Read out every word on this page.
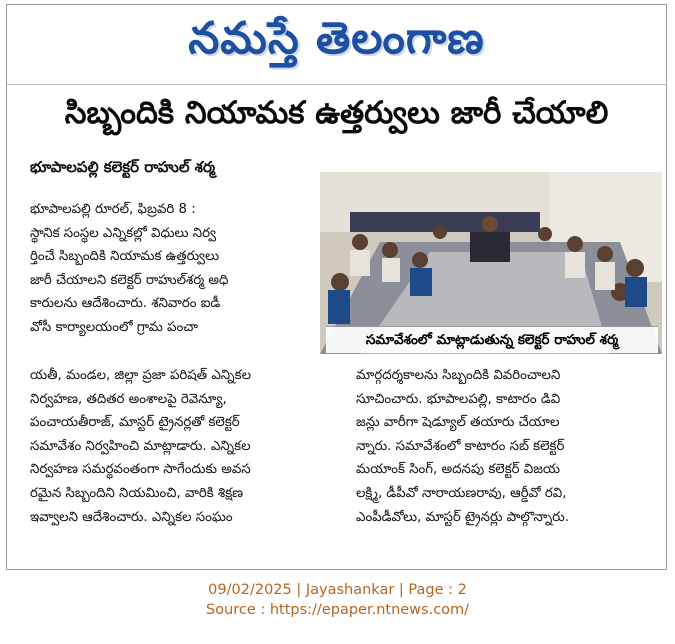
నమస్తే తెలంగాణ
సిబ్బందికి నియామక ఉత్తర్వులు జారీ చేయాలి
భూపాలపల్లి కలెక్టర్ రాహుల్ శర్మ
సమావేశంలో మాట్లాడుతున్న కలెక్టర్ రాహుల్ శర్మ
భూపాలపల్లి రూరల్, ఫిబ్రవరి 8 :
స్థానిక సంస్థల ఎన్నికల్లో విధులు నిర్వ
ర్తించే సిబ్బందికి నియామక ఉత్తర్వులు
జారీ చేయాలని కలెక్టర్ రాహుల్‌శర్మ అధి
కారులను ఆదేశించారు. శనివారం ఐడీ
వోసీ కార్యాలయంలో గ్రామ పంచా
యతీ, మండల, జిల్లా ప్రజా పరిషత్ ఎన్నికల
నిర్వహణ, తదితర అంశాలపై రెవెన్యూ,
పంచాయతీరాజ్, మాస్టర్ ట్రైనర్లతో కలెక్టర్
సమావేశం నిర్వహించి మాట్లాడారు. ఎన్నికల
నిర్వహణ సమర్థవంతంగా సాగేందుకు అవస
రమైన సిబ్బందిని నియమించి, వారికి శిక్షణ
ఇవ్వాలని ఆదేశించారు. ఎన్నికల సంఘం
మార్గదర్శకాలను సిబ్బందికి వివరించాలని
సూచించారు. భూపాలపల్లి, కాటారం డివి
జన్లు వారీగా షెడ్యూల్ తయారు చేయాల
న్నారు. సమావేశంలో కాటారం సబ్ కలెక్టర్
మయాంక్ సింగ్, అదనపు కలెక్టర్ విజయ
లక్ష్మి, డీపీవో నారాయణరావు, ఆర్డీవో రవి,
ఎంపీడీవోలు, మాస్టర్ ట్రైనర్లు పాల్గొన్నారు.
09/02/2025 | Jayashankar | Page : 2
Source : https://epaper.ntnews.com/
